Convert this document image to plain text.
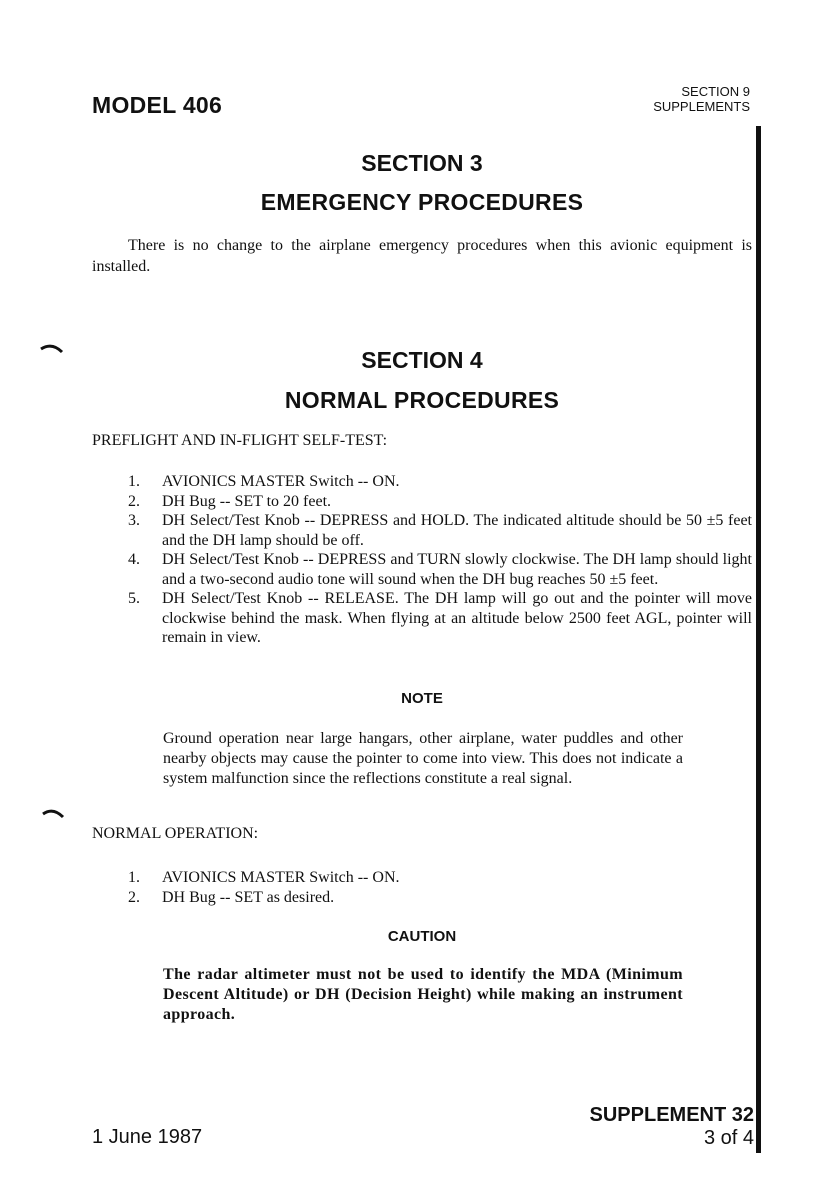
MODEL 406
SECTION 9
SUPPLEMENTS
SECTION 3
EMERGENCY PROCEDURES
There is no change to the airplane emergency procedures when this avionic equipment is installed.
SECTION 4
NORMAL PROCEDURES
PREFLIGHT AND IN-FLIGHT SELF-TEST:
1. AVIONICS MASTER Switch -- ON.
2. DH Bug -- SET to 20 feet.
3. DH Select/Test Knob -- DEPRESS and HOLD. The indicated altitude should be 50 ±5 feet and the DH lamp should be off.
4. DH Select/Test Knob -- DEPRESS and TURN slowly clockwise. The DH lamp should light and a two-second audio tone will sound when the DH bug reaches 50 ±5 feet.
5. DH Select/Test Knob -- RELEASE. The DH lamp will go out and the pointer will move clockwise behind the mask. When flying at an altitude below 2500 feet AGL, pointer will remain in view.
NOTE
Ground operation near large hangars, other airplane, water puddles and other nearby objects may cause the pointer to come into view. This does not indicate a system malfunction since the reflections constitute a real signal.
NORMAL OPERATION:
1. AVIONICS MASTER Switch -- ON.
2. DH Bug -- SET as desired.
CAUTION
The radar altimeter must not be used to identify the MDA (Minimum Descent Altitude) or DH (Decision Height) while making an instrument approach.
1 June 1987
SUPPLEMENT 32
3 of 4
